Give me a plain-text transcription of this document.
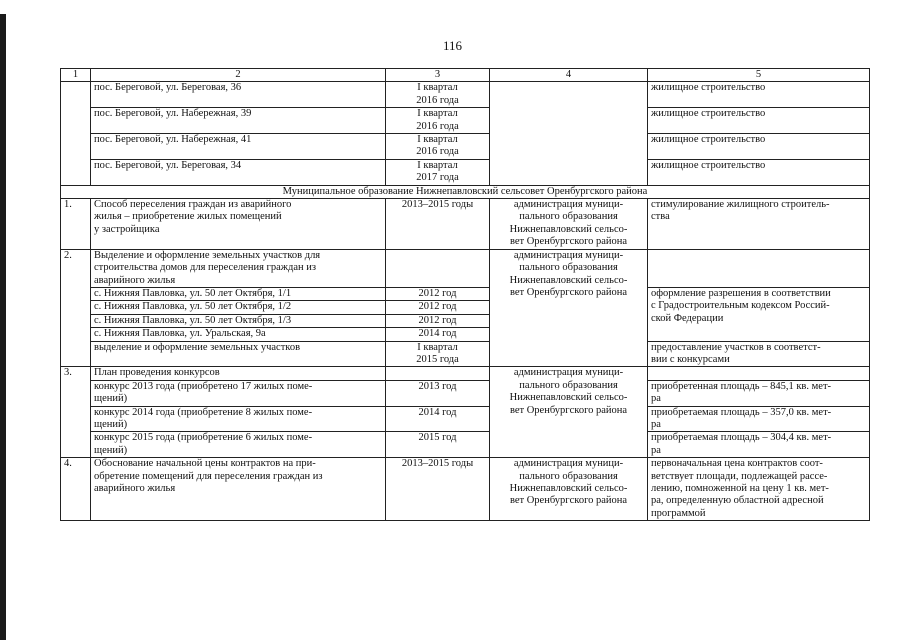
116
1	2	3	4	5
	пос. Береговой, ул. Береговая, 36	I квартал
2016 года		жилищное строительство
	пос. Береговой, ул. Набережная, 39	I квартал
2016 года		жилищное строительство
	пос. Береговой, ул. Набережная, 41	I квартал
2016 года		жилищное строительство
	пос. Береговой, ул. Береговая, 34	I квартал
2017 года		жилищное строительство
Муниципальное образование Нижнепавловский сельсовет Оренбургского района				
1.	Способ переселения граждан из аварийного
жилья – приобретение жилых помещений
у застройщика	2013–2015 годы	администрация муници-
пального образования
Нижнепавловский сельсо-
вет Оренбургского района	стимулирование жилищного строитель-
ства
2.	Выделение и оформление земельных участков для
строительства домов для переселения граждан из
аварийного жилья		администрация муници-
пального образования
Нижнепавловский сельсо-
вет Оренбургского района	
	с. Нижняя Павловка, ул. 50 лет Октября, 1/1	2012 год		оформление разрешения в соответствии
с Градостроительным кодексом Россий-
ской Федерации
	с. Нижняя Павловка, ул. 50 лет Октября, 1/2	2012 год		
	с. Нижняя Павловка, ул. 50 лет Октября, 1/3	2012 год		
	с. Нижняя Павловка, ул. Уральская, 9а	2014 год		
	выделение и оформление земельных участков	I квартал
2015 года		предоставление участков в соответст-
вии с конкурсами
3.	План проведения конкурсов		администрация муници-
пального образования
Нижнепавловский сельсо-
вет Оренбургского района	
	конкурс 2013 года (приобретено 17 жилых поме-
щений)	2013 год		приобретенная площадь – 845,1 кв. мет-
ра
	конкурс 2014 года (приобретение 8 жилых поме-
щений)	2014 год		приобретаемая площадь – 357,0 кв. мет-
ра
	конкурс 2015 года (приобретение 6 жилых поме-
щений)	2015 год		приобретаемая площадь – 304,4 кв. мет-
ра
4.	Обоснование начальной цены контрактов на при-
обретение помещений для переселения граждан из
аварийного жилья	2013–2015 годы	администрация муници-
пального образования
Нижнепавловский сельсо-
вет Оренбургского района	первоначальная цена контрактов соот-
ветствует площади, подлежащей рассе-
лению, помноженной на цену 1 кв. мет-
ра, определенную областной адресной
программой
